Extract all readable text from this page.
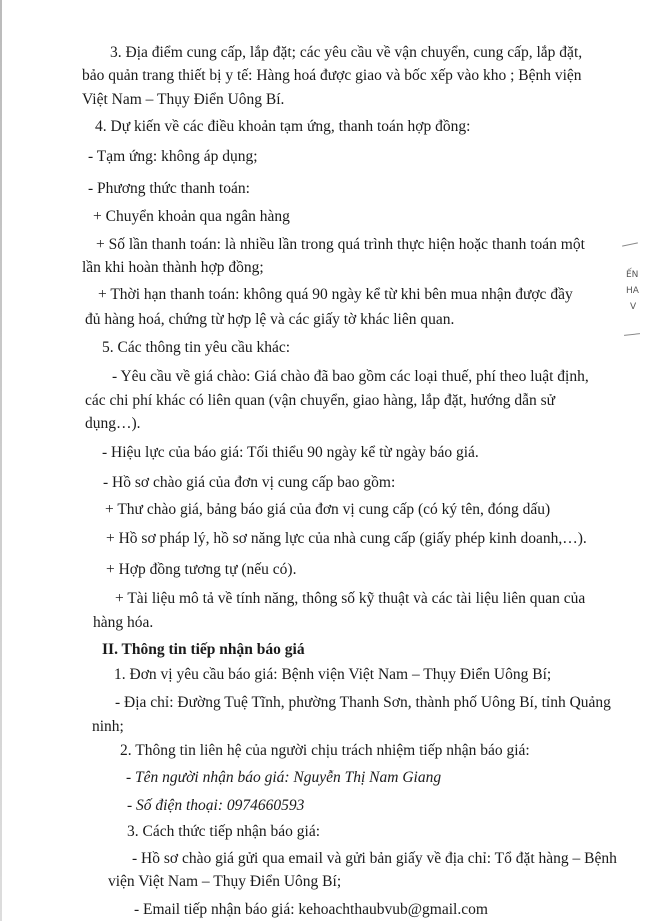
3. Địa điểm cung cấp, lắp đặt; các yêu cầu về vận chuyển, cung cấp, lắp đặt,
bảo quản trang thiết bị y tế: Hàng hoá được giao và bốc xếp vào kho ; Bệnh viện
Việt Nam – Thụy Điển Uông Bí.
4. Dự kiến về các điều khoản tạm ứng, thanh toán hợp đồng:
- Tạm ứng: không áp dụng;
- Phương thức thanh toán:
+ Chuyển khoản qua ngân hàng
+ Số lần thanh toán: là nhiều lần trong quá trình thực hiện hoặc thanh toán một
lần khi hoàn thành hợp đồng;
+ Thời hạn thanh toán: không quá 90 ngày kể từ khi bên mua nhận được đầy
đủ hàng hoá, chứng từ hợp lệ và các giấy tờ khác liên quan.
5. Các thông tin yêu cầu khác:
- Yêu cầu về giá chào: Giá chào đã bao gồm các loại thuế, phí theo luật định,
các chi phí khác có liên quan (vận chuyển, giao hàng, lắp đặt, hướng dẫn sử
dụng…).
- Hiệu lực của báo giá: Tối thiểu 90 ngày kể từ ngày báo giá.
- Hồ sơ chào giá của đơn vị cung cấp bao gồm:
+ Thư chào giá, bảng báo giá của đơn vị cung cấp (có ký tên, đóng dấu)
+ Hồ sơ pháp lý, hồ sơ năng lực của nhà cung cấp (giấy phép kinh doanh,…).
+ Hợp đồng tương tự (nếu có).
+ Tài liệu mô tả về tính năng, thông số kỹ thuật và các tài liệu liên quan của
hàng hóa.
II. Thông tin tiếp nhận báo giá
1. Đơn vị yêu cầu báo giá: Bệnh viện Việt Nam – Thụy Điển Uông Bí;
- Địa chỉ: Đường Tuệ Tĩnh, phường Thanh Sơn, thành phố Uông Bí, tỉnh Quảng
ninh;
2. Thông tin liên hệ của người chịu trách nhiệm tiếp nhận báo giá:
- Tên người nhận báo giá: Nguyễn Thị Nam Giang
- Số điện thoại: 0974660593
3. Cách thức tiếp nhận báo giá:
- Hồ sơ chào giá gửi qua email và gửi bản giấy về địa chỉ: Tổ đặt hàng – Bệnh
viện Việt Nam – Thụy Điển Uông Bí;
- Email tiếp nhận báo giá: kehoachthaubvub@gmail.com
ẾN
HA
V
